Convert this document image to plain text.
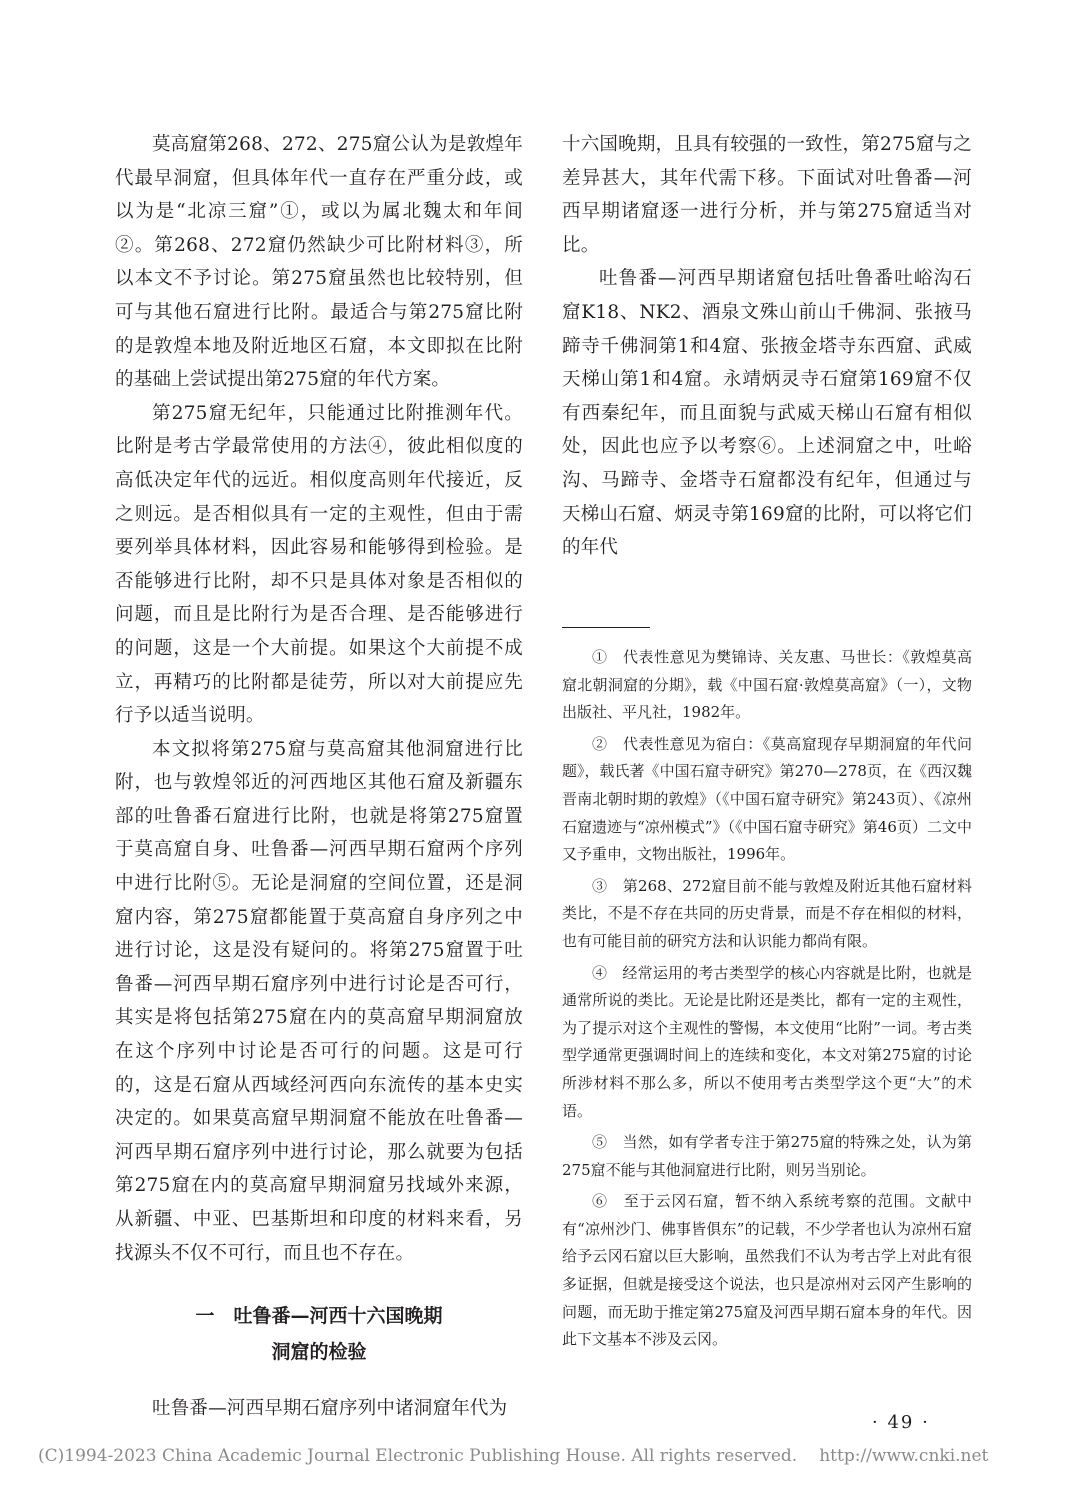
莫高窟第268、272、275窟公认为是敦煌年代最早洞窟，但具体年代一直存在严重分歧，或以为是“北凉三窟”①，或以为属北魏太和年间②。第268、272窟仍然缺少可比附材料③，所以本文不予讨论。第275窟虽然也比较特别，但可与其他石窟进行比附。最适合与第275窟比附的是敦煌本地及附近地区石窟，本文即拟在比附的基础上尝试提出第275窟的年代方案。

第275窟无纪年，只能通过比附推测年代。比附是考古学最常使用的方法④，彼此相似度的高低决定年代的远近。相似度高则年代接近，反之则远。是否相似具有一定的主观性，但由于需要列举具体材料，因此容易和能够得到检验。是否能够进行比附，却不只是具体对象是否相似的问题，而且是比附行为是否合理、是否能够进行的问题，这是一个大前提。如果这个大前提不成立，再精巧的比附都是徒劳，所以对大前提应先行予以适当说明。

本文拟将第275窟与莫高窟其他洞窟进行比附，也与敦煌邻近的河西地区其他石窟及新疆东部的吐鲁番石窟进行比附，也就是将第275窟置于莫高窟自身、吐鲁番—河西早期石窟两个序列中进行比附⑤。无论是洞窟的空间位置，还是洞窟内容，第275窟都能置于莫高窟自身序列之中进行讨论，这是没有疑问的。将第275窟置于吐鲁番—河西早期石窟序列中进行讨论是否可行，其实是将包括第275窟在内的莫高窟早期洞窟放在这个序列中讨论是否可行的问题。这是可行的，这是石窟从西域经河西向东流传的基本史实决定的。如果莫高窟早期洞窟不能放在吐鲁番—河西早期石窟序列中进行讨论，那么就要为包括第275窟在内的莫高窟早期洞窟另找域外来源，从新疆、中亚、巴基斯坦和印度的材料来看，另找源头不仅不可行，而且也不存在。

一　吐鲁番—河西十六国晚期
洞窟的检验

吐鲁番—河西早期石窟序列中诸洞窟年代为

十六国晚期，且具有较强的一致性，第275窟与之差异甚大，其年代需下移。下面试对吐鲁番—河西早期诸窟逐一进行分析，并与第275窟适当对比。

吐鲁番—河西早期诸窟包括吐鲁番吐峪沟石窟K18、NK2、酒泉文殊山前山千佛洞、张掖马蹄寺千佛洞第1和4窟、张掖金塔寺东西窟、武威天梯山第1和4窟。永靖炳灵寺石窟第169窟不仅有西秦纪年，而且面貌与武威天梯山石窟有相似处，因此也应予以考察⑥。上述洞窟之中，吐峪沟、马蹄寺、金塔寺石窟都没有纪年，但通过与天梯山石窟、炳灵寺第169窟的比附，可以将它们的年代

①　代表性意见为樊锦诗、关友惠、马世长：《敦煌莫高窟北朝洞窟的分期》，载《中国石窟·敦煌莫高窟》（一），文物出版社、平凡社，1982年。

②　代表性意见为宿白：《莫高窟现存早期洞窟的年代问题》，载氏著《中国石窟寺研究》第270—278页，在《西汉魏晋南北朝时期的敦煌》（《中国石窟寺研究》第243页）、《凉州石窟遗迹与“凉州模式”》（《中国石窟寺研究》第46页）二文中又予重申，文物出版社，1996年。

③　第268、272窟目前不能与敦煌及附近其他石窟材料类比，不是不存在共同的历史背景，而是不存在相似的材料，也有可能目前的研究方法和认识能力都尚有限。

④　经常运用的考古类型学的核心内容就是比附，也就是通常所说的类比。无论是比附还是类比，都有一定的主观性，为了提示对这个主观性的警惕，本文使用“比附”一词。考古类型学通常更强调时间上的连续和变化，本文对第275窟的讨论所涉材料不那么多，所以不使用考古类型学这个更“大”的术语。

⑤　当然，如有学者专注于第275窟的特殊之处，认为第275窟不能与其他洞窟进行比附，则另当别论。

⑥　至于云冈石窟，暂不纳入系统考察的范围。文献中有“凉州沙门、佛事皆俱东”的记载，不少学者也认为凉州石窟给予云冈石窟以巨大影响，虽然我们不认为考古学上对此有很多证据，但就是接受这个说法，也只是凉州对云冈产生影响的问题，而无助于推定第275窟及河西早期石窟本身的年代。因此下文基本不涉及云冈。

· 49 ·
(C)1994-2023 China Academic Journal Electronic Publishing House. All rights reserved. http://www.cnki.net
